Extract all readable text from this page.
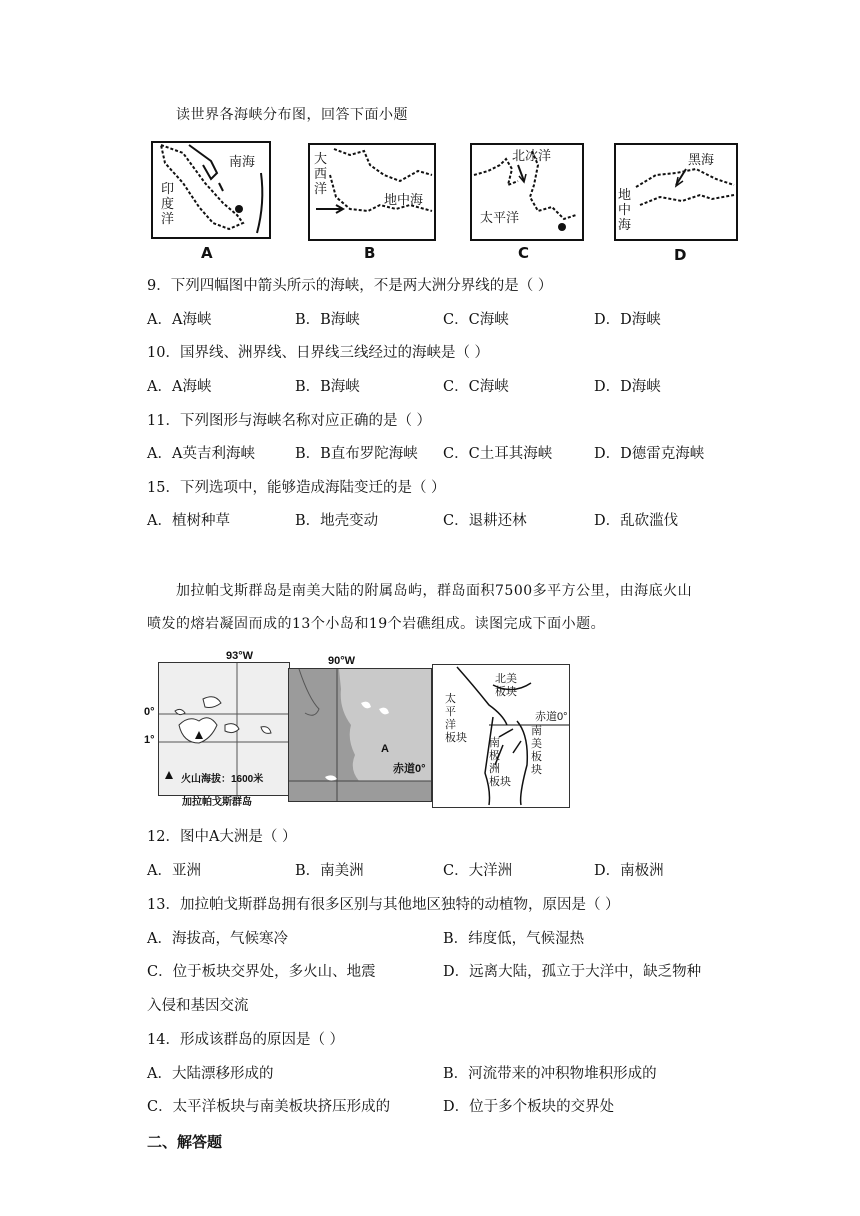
读世界各海峡分布图，回答下面小题
南海
印
度
洋
A
大
西
洋
地中海
B
北冰洋
太平洋
C
黑海
地
中
海
D
9．下列四幅图中箭头所示的海峡，不是两大洲分界线的是（ ）
A．A海峡	B．B海峡	C．C海峡	D．D海峡
10．国界线、洲界线、日界线三线经过的海峡是（ ）
A．A海峡	B．B海峡	C．C海峡	D．D海峡
11．下列图形与海峡名称对应正确的是（ ）
A．A英吉利海峡	B．B直布罗陀海峡 C．C土耳其海峡	D．D德雷克海峡
15．下列选项中，能够造成海陆变迁的是（ ）
A．植树种草	B．地壳变动	C．退耕还林	D．乱砍滥伐
加拉帕戈斯群岛是南美大陆的附属岛屿，群岛面积7500多平方公里，由海底火山
喷发的熔岩凝固而成的13个小岛和19个岩礁组成。读图完成下面小题。
火山海拔：1600米
93°W
0°
1°
加拉帕戈斯群岛
A
赤道0°
90°W
北美
板块
太
平
洋
板块
南
美
板
块
南
极
洲
板块
赤道0°
12．图中A大洲是（ ）
A．亚洲	B．南美洲	C．大洋洲	D．南极洲
13．加拉帕戈斯群岛拥有很多区别与其他地区独特的动植物，原因是（ ）
A．海拔高，气候寒冷	B．纬度低，气候湿热
C．位于板块交界处，多火山、地震	D．远离大陆，孤立于大洋中，缺乏物种
入侵和基因交流
14．形成该群岛的原因是（ ）
A．大陆漂移形成的	B．河流带来的冲积物堆积形成的
C．太平洋板块与南美板块挤压形成的	D．位于多个板块的交界处
二、解答题
